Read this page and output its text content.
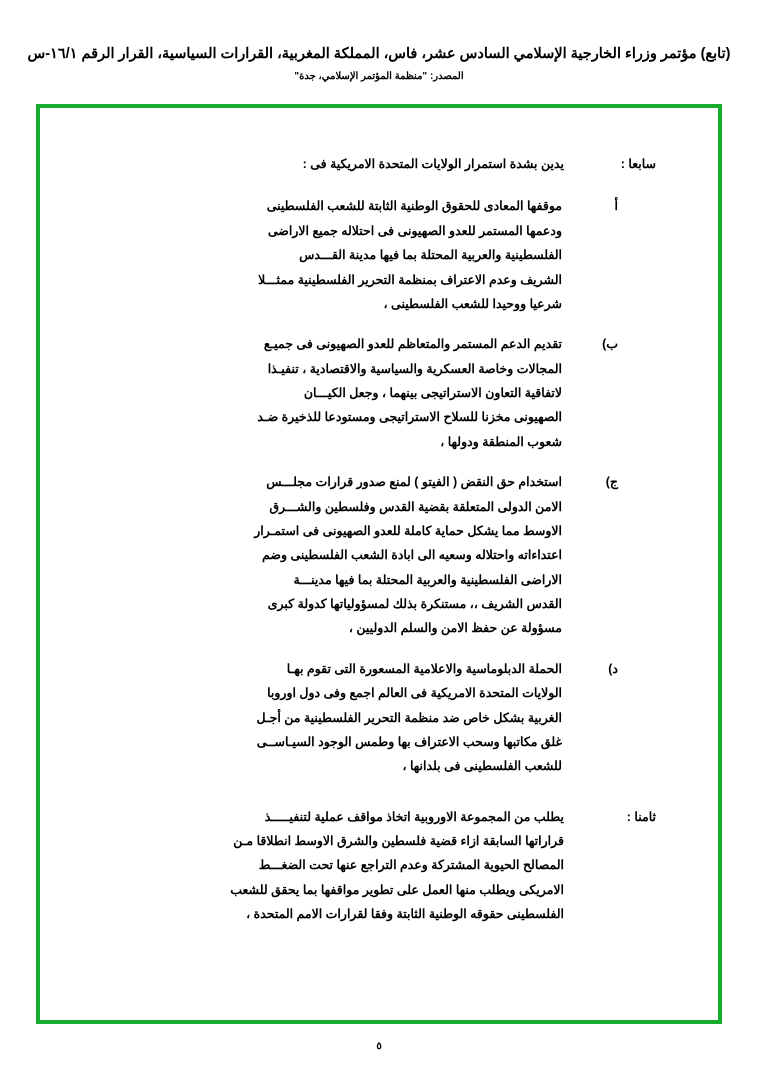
(تابع) مؤتمر وزراء الخارجية الإسلامي السادس عشر، فاس، المملكة المغربية، القرارات السياسية، القرار الرقم ١٦/١-س
المصدر: "منظمة المؤتمر الإسلامي، جدة"
سابعا :
يدين بشدة استمرار الولايات المتحدة الامريكية فى :
أ
موقفها المعادى للحقوق الوطنية الثابتة للشعب الفلسطينى
ودعمها المستمر للعدو الصهيونى فى احتلاله جميع الاراضى
الفلسطينية والعربية المحتلة بما فيها مدينة القـــدس
الشريف وعدم الاعتراف بمنظمة التحرير الفلسطينية ممثـــلا
شرعيا ووحيدا للشعب الفلسطينى ،
ب)
تقديم الدعم المستمر والمتعاظم للعدو الصهيونى فى جميـع
المجالات وخاصة العسكرية والسياسية والاقتصادية ، تنفيـذا
لاتفاقية التعاون الاستراتيجى بينهما ، وجعل الكيـــان
الصهيونى مخزنا للسلاح الاستراتيجى ومستودعا للذخيرة ضـد
شعوب المنطقة ودولها ،
ج)
استخدام حق النقض ( الفيتو ) لمنع صدور قرارات مجلـــس
الامن الدولى المتعلقة بقضية القدس وفلسطين والشـــرق
الاوسط مما يشكل حماية كاملة للعدو الصهيونى فى استمـرار
اعتداءاته واحتلاله وسعيه الى ابادة الشعب الفلسطينى وضم
الاراضى الفلسطينية والعربية المحتلة بما فيها مدينـــة
القدس الشريف ،، مستنكرة بذلك لمسؤولياتها كدولة كبرى
مسؤولة عن حفظ الامن والسلم الدوليين ،
د)
الحملة الدبلوماسية والاعلامية المسعورة التى تقوم بهـا
الولايات المتحدة الامريكية فى العالم اجمع وفى دول اوروبا
الغربية بشكل خاص ضد منظمة التحرير الفلسطينية من أجـل
غلق مكاتبها وسحب الاعتراف بها وطمس الوجود السيـاســى
للشعب الفلسطينى فى بلدانها ،
ثامنا :
يطلب من المجموعة الاوروبية اتخاذ مواقف عملية لتنفيـــــذ
قراراتها السابقة ازاء قضية فلسطين والشرق الاوسط انطلاقا مـن
المصالح الحيوية المشتركة وعدم التراجع عنها تحت الضغـــط
الامريكى ويطلب منها العمل على تطوير مواقفها بما يحقق للشعب
الفلسطينى حقوقه الوطنية الثابتة وفقا لقرارات الامم المتحدة ،
٥
